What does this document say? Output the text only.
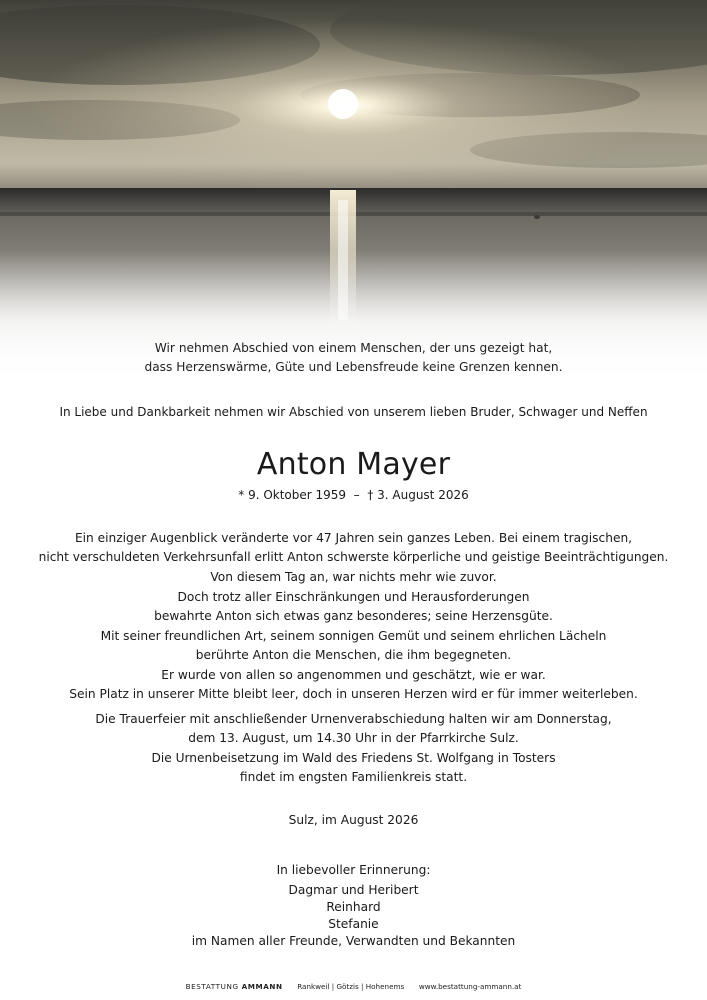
Wir nehmen Abschied von einem Menschen, der uns gezeigt hat,
dass Herzenswärme, Güte und Lebensfreude keine Grenzen kennen.
In Liebe und Dankbarkeit nehmen wir Abschied von unserem lieben Bruder, Schwager und Neffen
Anton Mayer
* 9. Oktober 1959  –  † 3. August 2026
Ein einziger Augenblick veränderte vor 47 Jahren sein ganzes Leben. Bei einem tragischen,
nicht verschuldeten Verkehrsunfall erlitt Anton schwerste körperliche und geistige Beeinträchtigungen.
Von diesem Tag an, war nichts mehr wie zuvor.
Doch trotz aller Einschränkungen und Herausforderungen
bewahrte Anton sich etwas ganz besonderes; seine Herzensgüte.
Mit seiner freundlichen Art, seinem sonnigen Gemüt und seinem ehrlichen Lächeln
berührte Anton die Menschen, die ihm begegneten.
Er wurde von allen so angenommen und geschätzt, wie er war.
Sein Platz in unserer Mitte bleibt leer, doch in unseren Herzen wird er für immer weiterleben.
Die Trauerfeier mit anschließender Urnenverabschiedung halten wir am Donnerstag,
dem 13. August, um 14.30 Uhr in der Pfarrkirche Sulz.
Die Urnenbeisetzung im Wald des Friedens St. Wolfgang in Tosters
findet im engsten Familienkreis statt.
Sulz, im August 2026
In liebevoller Erinnerung:
Dagmar und Heribert
Reinhard
Stefanie
im Namen aller Freunde, Verwandten und Bekannten
BESTATTUNG AMMANN Rankweil | Götzis | Hohenems www.bestattung-ammann.at
